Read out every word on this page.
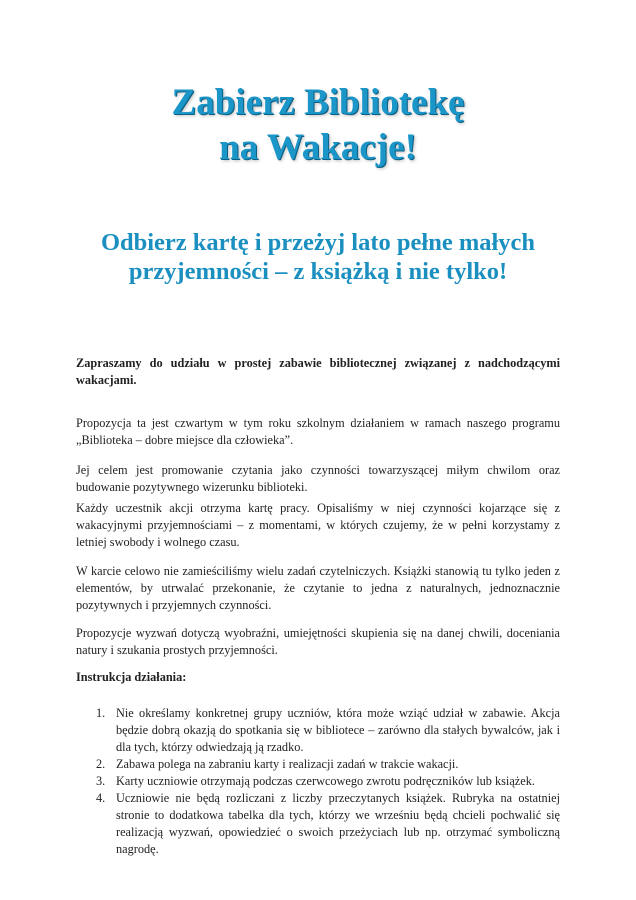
Zabierz Bibliotekę
na Wakacje!
Odbierz kartę i przeżyj lato pełne małych
przyjemności – z książką i nie tylko!

Zapraszamy do udziału w prostej zabawie bibliotecznej związanej z nadchodzącymi wakacjami.

Propozycja ta jest czwartym w tym roku szkolnym działaniem w ramach naszego programu „Biblioteka – dobre miejsce dla człowieka”.

Jej celem jest promowanie czytania jako czynności towarzyszącej miłym chwilom oraz budowanie pozytywnego wizerunku biblioteki.

Każdy uczestnik akcji otrzyma kartę pracy. Opisaliśmy w niej czynności kojarzące się z wakacyjnymi przyjemnościami – z momentami, w których czujemy, że w pełni korzystamy z letniej swobody i wolnego czasu.

W karcie celowo nie zamieściliśmy wielu zadań czytelniczych. Książki stanowią tu tylko jeden z elementów, by utrwalać przekonanie, że czytanie to jedna z naturalnych, jednoznacznie pozytywnych i przyjemnych czynności.

Propozycje wyzwań dotyczą wyobraźni, umiejętności skupienia się na danej chwili, doceniania natury i szukania prostych przyjemności.

Instrukcja działania:

1. Nie określamy konkretnej grupy uczniów, która może wziąć udział w zabawie. Akcja będzie dobrą okazją do spotkania się w bibliotece – zarówno dla stałych bywalców, jak i dla tych, którzy odwiedzają ją rzadko.
2. Zabawa polega na zabraniu karty i realizacji zadań w trakcie wakacji.
3. Karty uczniowie otrzymają podczas czerwcowego zwrotu podręczników lub książek.
4. Uczniowie nie będą rozliczani z liczby przeczytanych książek. Rubryka na ostatniej stronie to dodatkowa tabelka dla tych, którzy we wrześniu będą chcieli pochwalić się realizacją wyzwań, opowiedzieć o swoich przeżyciach lub np. otrzymać symboliczną nagrodę.
